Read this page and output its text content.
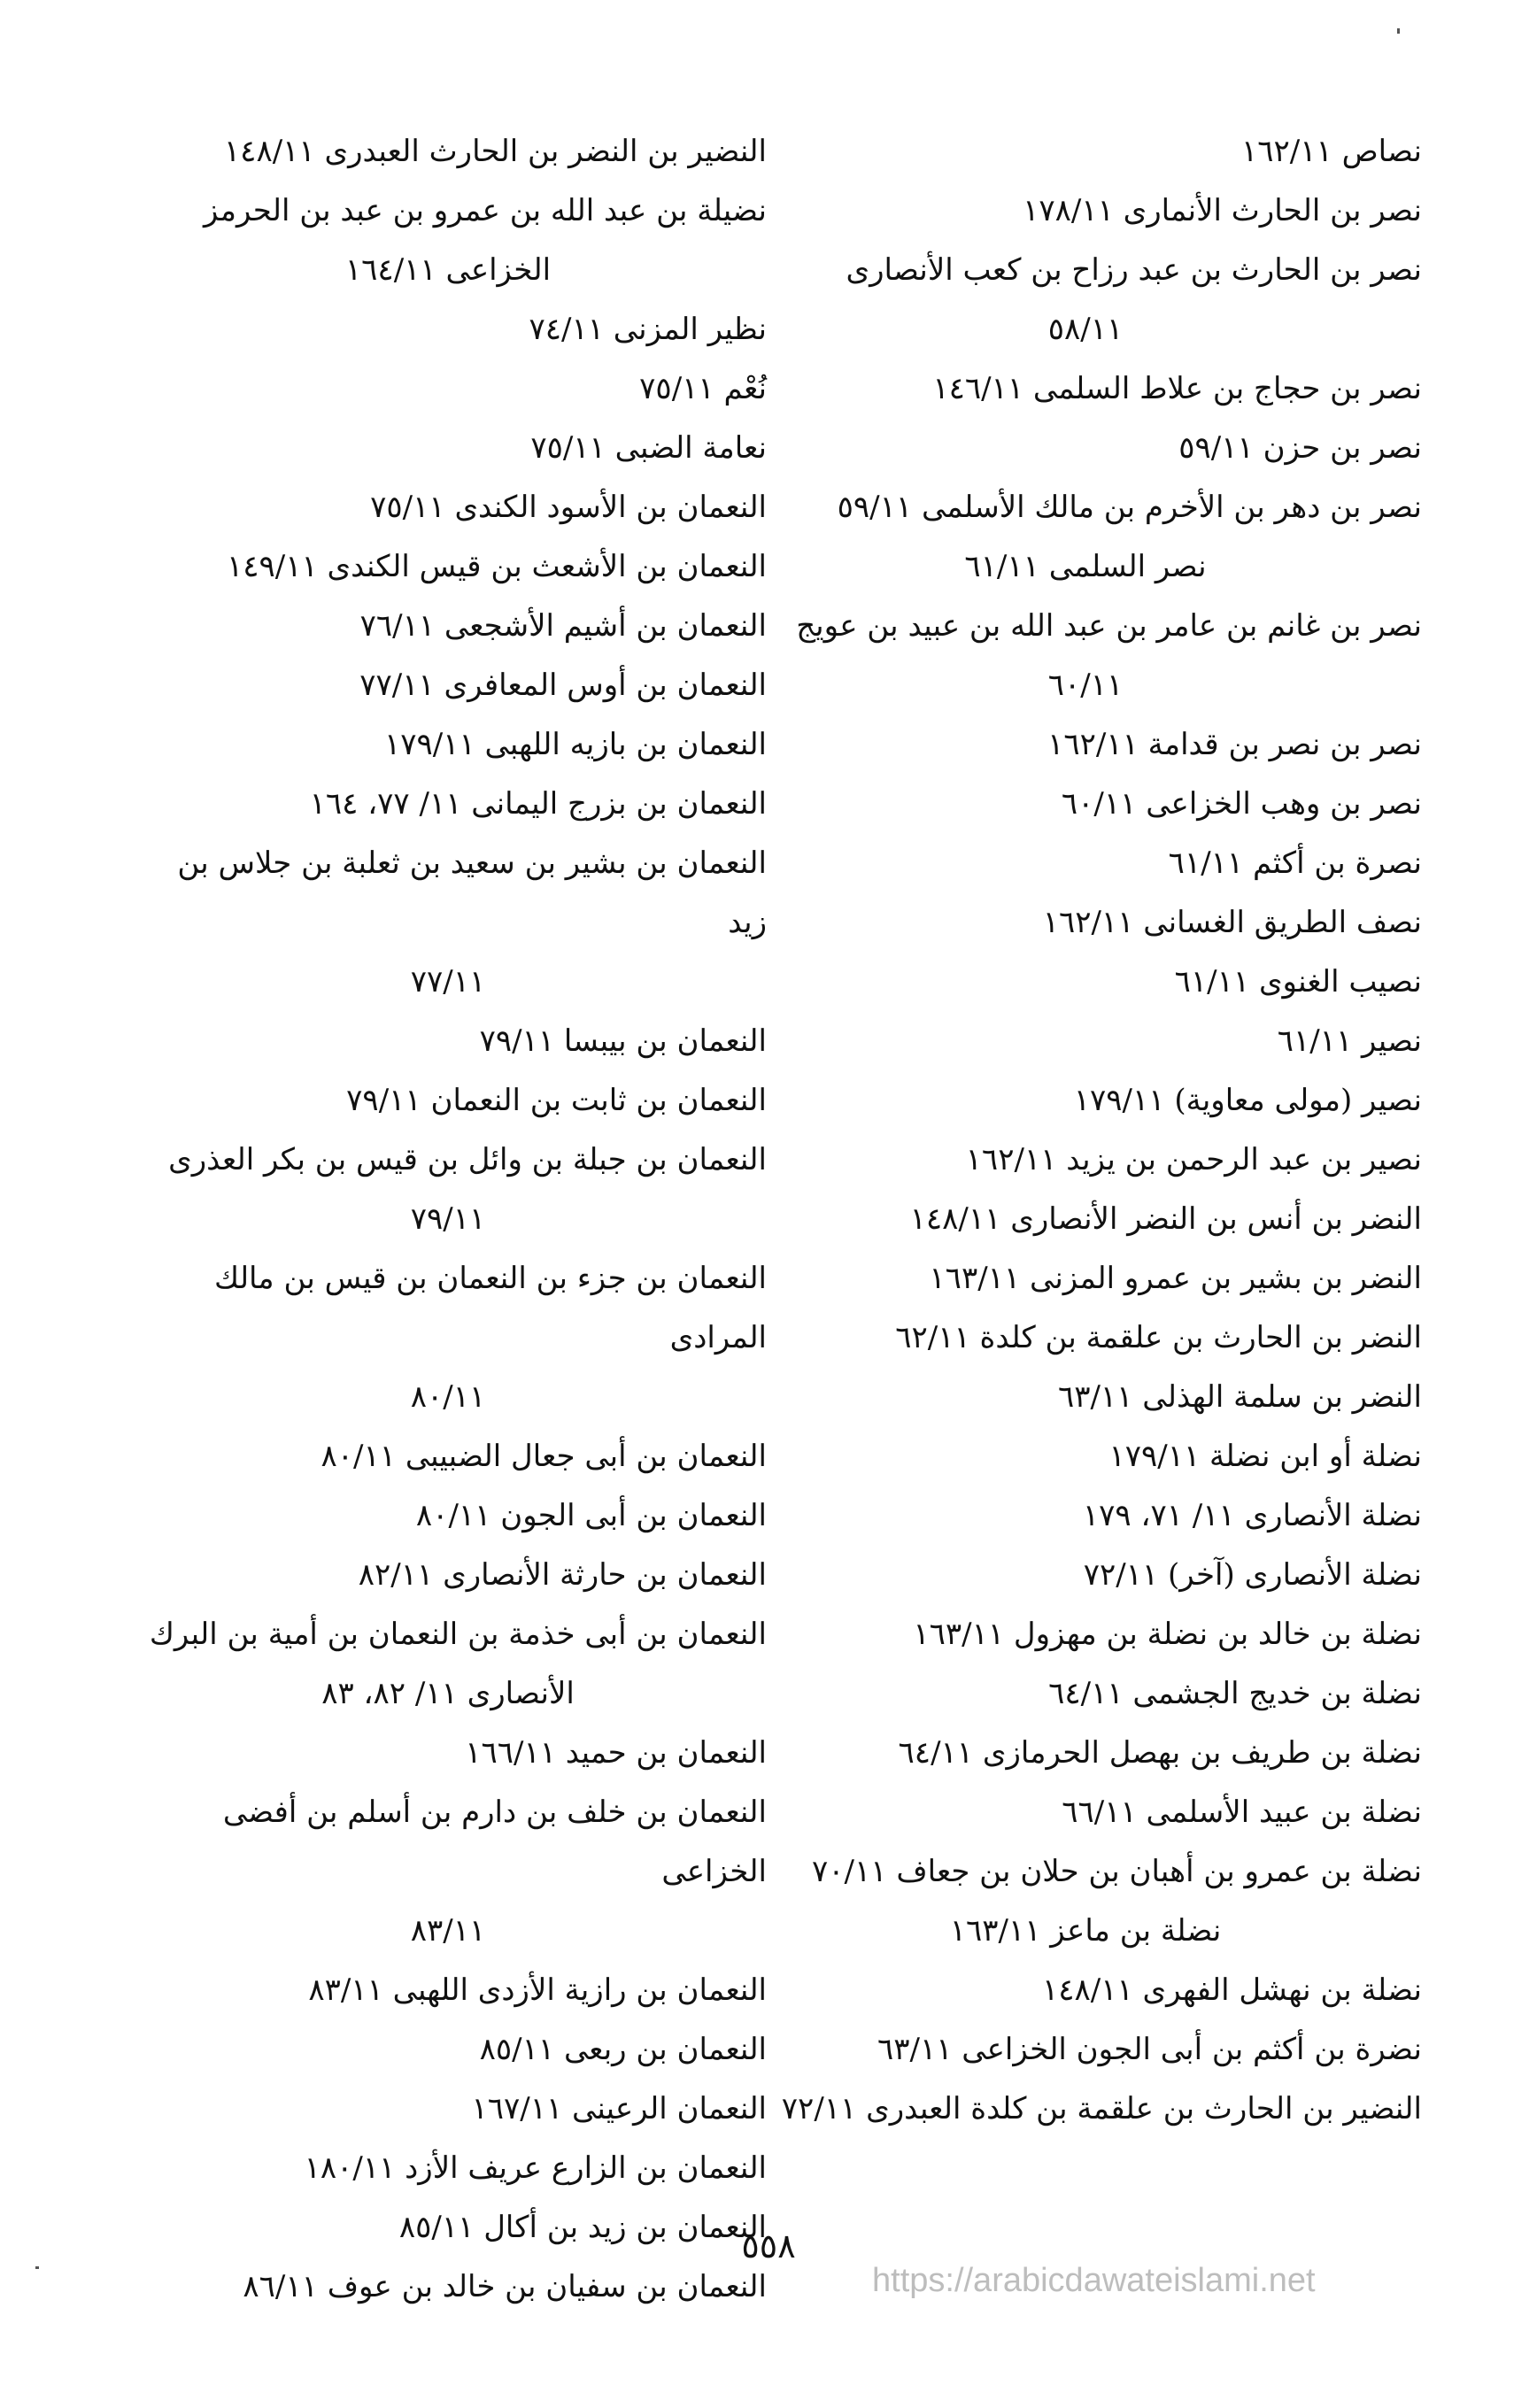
نصاص ١٦٢/١١
نصر بن الحارث الأنمارى ١٧٨/١١
نصر بن الحارث بن عبد رزاح بن كعب الأنصارى
٥٨/١١
نصر بن حجاج بن علاط السلمى ١٤٦/١١
نصر بن حزن ٥٩/١١
نصر بن دهر بن الأخرم بن مالك الأسلمى ٥٩/١١
نصر السلمى ٦١/١١
نصر بن غانم بن عامر بن عبد الله بن عبيد بن عويج
٦٠/١١
نصر بن نصر بن قدامة ١٦٢/١١
نصر بن وهب الخزاعى ٦٠/١١
نصرة بن أكثم ٦١/١١
نصف الطريق الغسانى ١٦٢/١١
نصيب الغنوى ٦١/١١
نصير ٦١/١١
نصير (مولى معاوية) ١٧٩/١١
نصير بن عبد الرحمن بن يزيد ١٦٢/١١
النضر بن أنس بن النضر الأنصارى ١٤٨/١١
النضر بن بشير بن عمرو المزنى ١٦٣/١١
النضر بن الحارث بن علقمة بن كلدة ٦٢/١١
النضر بن سلمة الهذلى ٦٣/١١
نضلة أو ابن نضلة ١٧٩/١١
نضلة الأنصارى ١١/ ٧١، ١٧٩
نضلة الأنصارى (آخر) ٧٢/١١
نضلة بن خالد بن نضلة بن مهزول ١٦٣/١١
نضلة بن خديج الجشمى ٦٤/١١
نضلة بن طريف بن بهصل الحرمازى ٦٤/١١
نضلة بن عبيد الأسلمى ٦٦/١١
نضلة بن عمرو بن أهبان بن حلان بن جعاف ٧٠/١١
نضلة بن ماعز ١٦٣/١١
نضلة بن نهشل الفهرى ١٤٨/١١
نضرة بن أكثم بن أبى الجون الخزاعى ٦٣/١١
النضير بن الحارث بن علقمة بن كلدة العبدرى ٧٢/١١
النضير بن النضر بن الحارث العبدرى ١٤٨/١١
نضيلة بن عبد الله بن عمرو بن عبد بن الحرمز
الخزاعى ١٦٤/١١
نظير المزنى ٧٤/١١
نُعْم ٧٥/١١
نعامة الضبى ٧٥/١١
النعمان بن الأسود الكندى ٧٥/١١
النعمان بن الأشعث بن قيس الكندى ١٤٩/١١
النعمان بن أشيم الأشجعى ٧٦/١١
النعمان بن أوس المعافرى ٧٧/١١
النعمان بن بازيه اللهبى ١٧٩/١١
النعمان بن بزرج اليمانى ١١/ ٧٧، ١٦٤
النعمان بن بشير بن سعيد بن ثعلبة بن جلاس بن زيد
٧٧/١١
النعمان بن بيبسا ٧٩/١١
النعمان بن ثابت بن النعمان ٧٩/١١
النعمان بن جبلة بن وائل بن قيس بن بكر العذرى
٧٩/١١
النعمان بن جزء بن النعمان بن قيس بن مالك المرادى
٨٠/١١
النعمان بن أبى جعال الضبيبى ٨٠/١١
النعمان بن أبى الجون ٨٠/١١
النعمان بن حارثة الأنصارى ٨٢/١١
النعمان بن أبى خذمة بن النعمان بن أمية بن البرك
الأنصارى ١١/ ٨٢، ٨٣
النعمان بن حميد ١٦٦/١١
النعمان بن خلف بن دارم بن أسلم بن أفضى الخزاعى
٨٣/١١
النعمان بن رازية الأزدى اللهبى ٨٣/١١
النعمان بن ربعى ٨٥/١١
النعمان الرعينى ١٦٧/١١
النعمان بن الزارع عريف الأزد ١٨٠/١١
النعمان بن زيد بن أكال ٨٥/١١
النعمان بن سفيان بن خالد بن عوف ٨٦/١١
٥٥٨
https://arabicdawateislami.net
